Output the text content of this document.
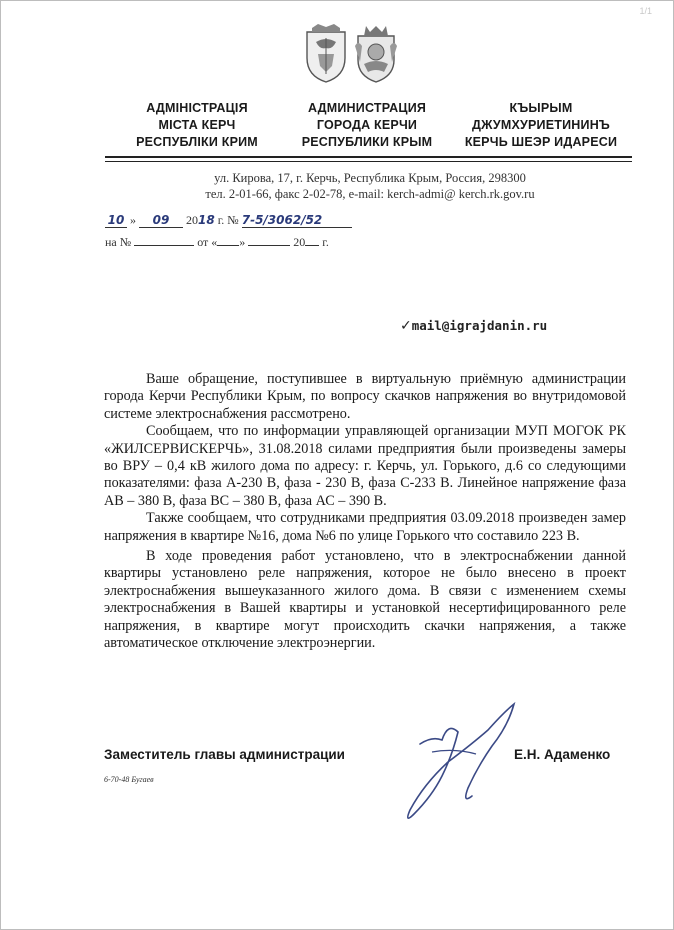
1/1
АДМІНІСТРАЦІЯ
МІСТА КЕРЧ
РЕСПУБЛІКИ КРИМ
АДМИНИСТРАЦИЯ
ГОРОДА КЕРЧИ
РЕСПУБЛИКИ КРЫМ
КЪЫРЫМ
ДЖУМХУРИЕТИНИНЪ
КЕРЧЬ ШЕЭР ИДАРЕСИ
ул. Кирова, 17, г. Керчь, Республика Крым, Россия, 298300
тел. 2-01-66, факс 2-02-78, e-mail: kerch-admi@ kerch.rk.gov.ru
10 » 09 2018 г. № 7-5/3062/52
на №	от « »	20 г.
✓mail@igrajdanin.ru

Ваше обращение, поступившее в виртуальную приёмную администрации города Керчи Республики Крым, по вопросу скачков напряжения во внутридомовой системе электроснабжения рассмотрено.

Сообщаем, что по информации управляющей организации МУП МОГОК РК «ЖИЛСЕРВИСКЕРЧЬ», 31.08.2018 силами предприятия были произведены замеры во ВРУ – 0,4 кВ жилого дома по адресу: г. Керчь, ул. Горького, д.6 со следующими показателями: фаза А-230 В, фаза - 230 В, фаза С-233 В. Линейное напряжение фаза АВ – 380 В, фаза ВС – 380 В, фаза АС – 390 В.

Также сообщаем, что сотрудниками предприятия 03.09.2018 произведен замер напряжения в квартире №16, дома №6 по улице Горького что составило 223 В.

В ходе проведения работ установлено, что в электроснабжении данной квартиры установлено реле напряжения, которое не было внесено в проект электроснабжения вышеуказанного жилого дома. В связи с изменением схемы электроснабжения в Вашей квартиры и установкой несертифицированного реле напряжения, в квартире могут происходить скачки напряжения, а также автоматическое отключение электроэнергии.

Заместитель главы администрации	Е.Н. Адаменко
6-70-48 Бугаев
